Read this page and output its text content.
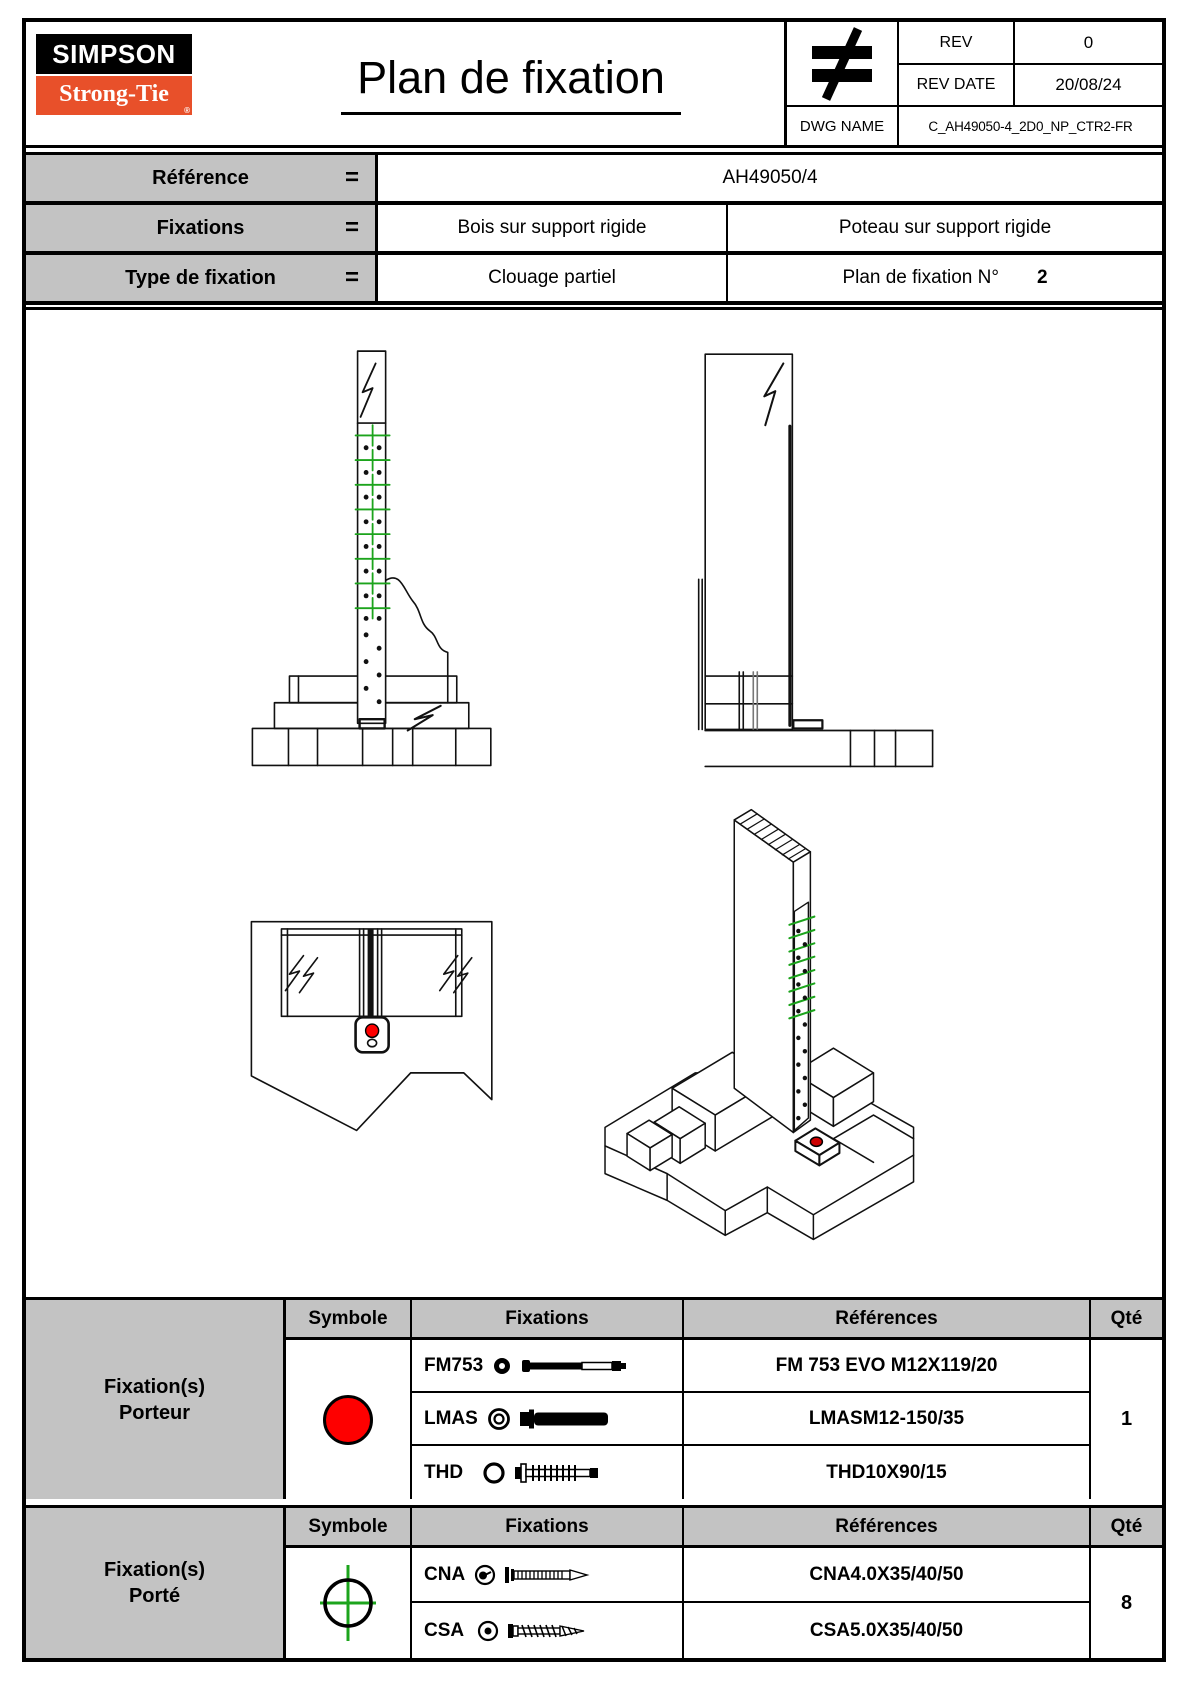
SIMPSON
Strong-Tie
®
Plan de fixation
REV	0
REV DATE	20/08/24
DWG NAME	C_AH49050-4_2D0_NP_CTR2-FR
Référence	=	AH49050/4
Fixations	=	Bois sur support rigide	Poteau sur support rigide
Type de fixation	=	Clouage partiel	Plan de fixation N° 2
Fixation(s)
Porteur
Symbole	Fixations	Références	Qté
FM753	FM 753 EVO M12X119/20
LMAS	LMASM12-150/35
THD	THD10X90/15
1
Fixation(s)
Porté
Symbole	Fixations	Références	Qté
CNA	CNA4.0X35/40/50
CSA	CSA5.0X35/40/50
8
